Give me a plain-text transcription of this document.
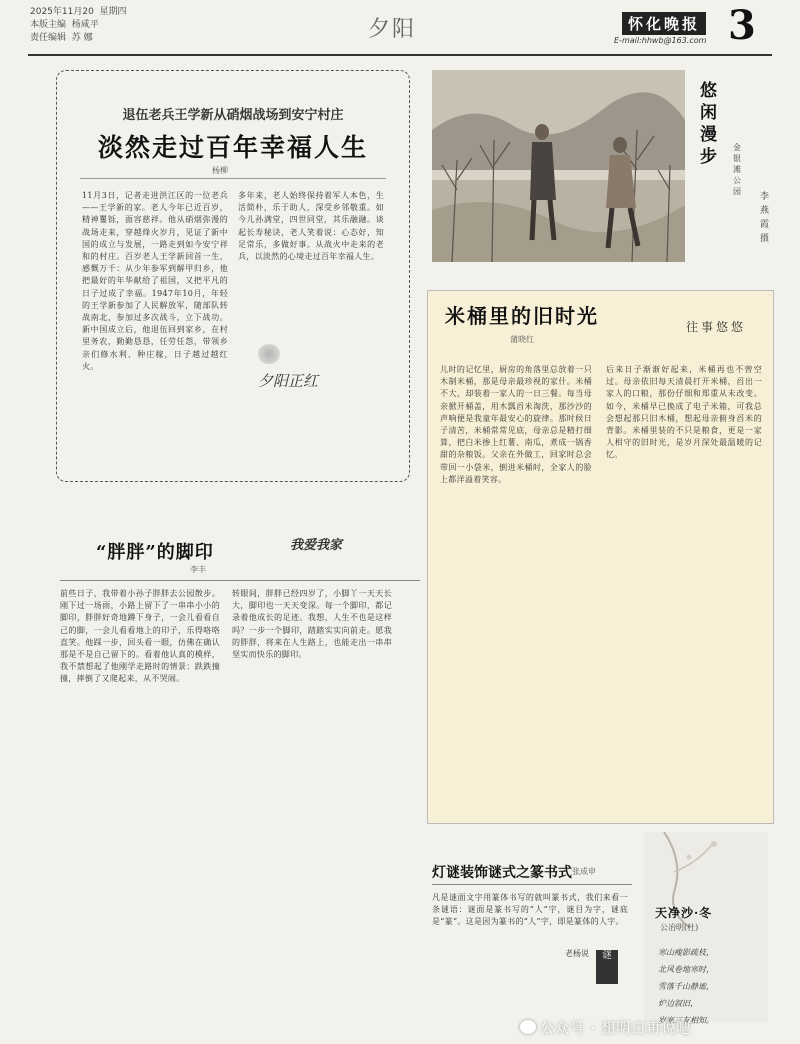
2025年11月20 星期四
本版主编 杨咸平
责任编辑 苏 娜	夕阳	怀化晚报
E-mail:hhwb@163.com 3
退伍老兵王学新从硝烟战场到安宁村庄
淡然走过百年幸福人生
杨柳
11月3日，记者走进洪江区的一位老兵——王学新的家。老人今年已近百岁，精神矍铄，面容慈祥。他从硝烟弥漫的战场走来，穿越烽火岁月，见证了新中国的成立与发展，一路走到如今安宁祥和的村庄。百岁老人王学新回首一生，感慨万千：从少年参军到解甲归乡，他把最好的年华献给了祖国，又把平凡的日子过成了幸福。1947年10月，年轻的王学新参加了人民解放军，随部队转战南北，参加过多次战斗，立下战功。新中国成立后，他退伍回到家乡，在村里务农，勤勤恳恳，任劳任怨，带领乡亲们修水利、种庄稼，日子越过越红火。
多年来，老人始终保持着军人本色，生活简朴，乐于助人，深受乡邻敬重。如今儿孙满堂，四世同堂，其乐融融。谈起长寿秘诀，老人笑着说：心态好，知足常乐，多做好事。从战火中走来的老兵，以淡然的心境走过百年幸福人生。
夕阳正红
悠闲漫步	金银滩公园
李燕霞 摄
米桶里的旧时光
蒲晓红
往事悠悠
儿时的记忆里，厨房的角落里总放着一只木制米桶，那是母亲最珍视的家什。米桶不大，却装着一家人的一日三餐。每当母亲掀开桶盖，用木瓢舀米淘洗，那沙沙的声响便是我童年最安心的旋律。那时候日子清苦，米桶常常见底，母亲总是精打细算，把白米掺上红薯、南瓜，煮成一锅香甜的杂粮饭。父亲在外做工，回家时总会带回一小袋米，倒进米桶时，全家人的脸上都洋溢着笑容。
后来日子渐渐好起来，米桶再也不曾空过。母亲依旧每天清晨打开米桶，舀出一家人的口粮，那份仔细和郑重从未改变。如今，米桶早已换成了电子米箱，可我总会想起那只旧木桶，想起母亲俯身舀米的背影。米桶里装的不只是粮食，更是一家人相守的旧时光，是岁月深处最温暖的记忆。
灯谜装饰谜式之篆书式 张成申
凡是谜面文字用篆体书写的就叫篆书式，我们来看一条谜语：谜面是篆书写的“人”字，谜目为字，谜底是“篆”。这是因为篆书的“人”字，即是篆体的人字。
老杨说	谜
天净沙·冬
公冶明(杜)
寒山瘦影疏枝，
北风卷地寒时，
雪落千山静谧，
炉边叙旧，
岁寒三友相知。
“胖胖”的脚印
李丰
我爱我家
前些日子，我带着小孙子胖胖去公园散步。刚下过一场雨，小路上留下了一串串小小的脚印，胖胖好奇地蹲下身子，一会儿看看自己的脚，一会儿看看地上的印子，乐得咯咯直笑。他踩一步，回头看一眼，仿佛在确认那是不是自己留下的。看着他认真的模样，我不禁想起了他刚学走路时的情景：跌跌撞撞，摔倒了又爬起来，从不哭闹。
转眼间，胖胖已经四岁了，小脚丫一天天长大，脚印也一天天变深。每一个脚印，都记录着他成长的足迹。我想，人生不也是这样吗？一步一个脚印，踏踏实实向前走。愿我的胖胖，将来在人生路上，也能走出一串串坚实而快乐的脚印。
公众号 · 想明白再说吧
